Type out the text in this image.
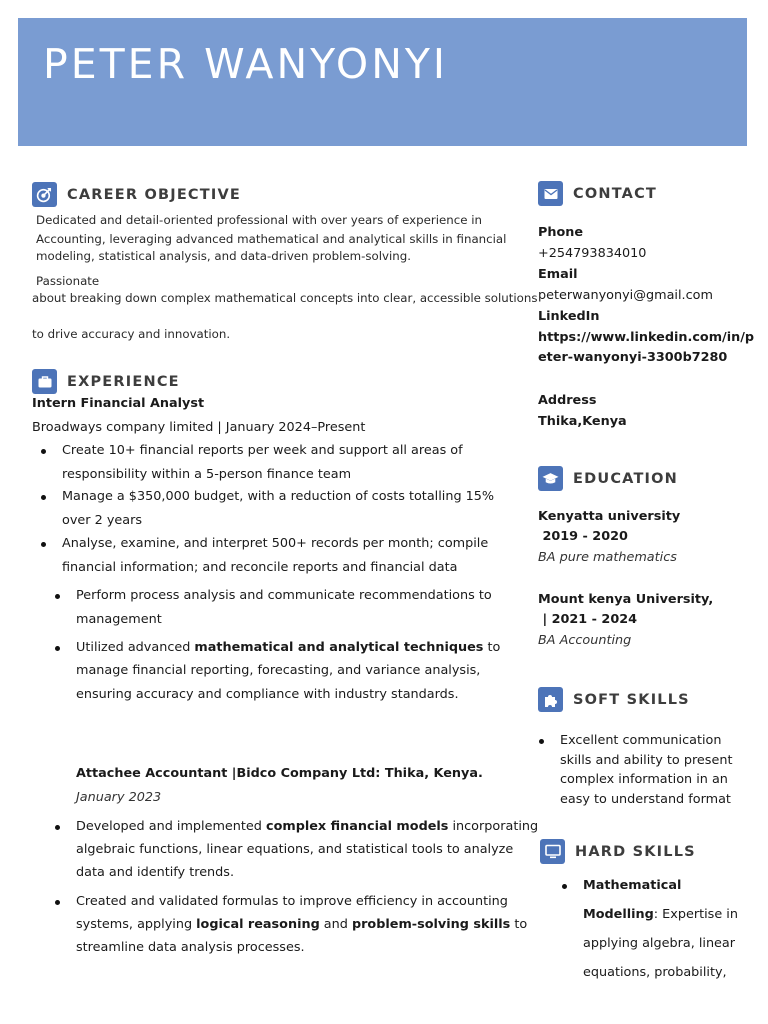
PETER WANYONYI
CAREER OBJECTIVE
Dedicated and detail-oriented professional with over years of experience in
Accounting, leveraging advanced mathematical and analytical skills in financial
modeling, statistical analysis, and data-driven problem-solving.
Passionate
about breaking down complex mathematical concepts into clear, accessible solutions
to drive accuracy and innovation.
EXPERIENCE
Intern Financial Analyst
Broadways company limited | January 2024–Present
Create 10+ financial reports per week and support all areas of
responsibility within a 5-person finance team
Manage a $350,000 budget, with a reduction of costs totalling 15%
over 2 years
Analyse, examine, and interpret 500+ records per month; compile
financial information; and reconcile reports and financial data
Perform process analysis and communicate recommendations to
management
Utilized advanced mathematical and analytical techniques to
manage financial reporting, forecasting, and variance analysis,
ensuring accuracy and compliance with industry standards.
Attachee Accountant |Bidco Company Ltd: Thika, Kenya.
January 2023
Developed and implemented complex financial models incorporating
algebraic functions, linear equations, and statistical tools to analyze
data and identify trends.
Created and validated formulas to improve efficiency in accounting
systems, applying logical reasoning and problem-solving skills to
streamline data analysis processes.
CONTACT
Phone
+254793834010
Email
peterwanyonyi@gmail.com
LinkedIn
https://www.linkedin.com/in/p
eter-wanyonyi-3300b7280
Address
Thika,Kenya
EDUCATION
Kenyatta university
2019 - 2020
BA pure mathematics
Mount kenya University,
| 2021 - 2024
BA Accounting
SOFT SKILLS
Excellent communication
skills and ability to present
complex information in an
easy to understand format
HARD SKILLS
Mathematical
Modelling: Expertise in
applying algebra, linear
equations, probability,
